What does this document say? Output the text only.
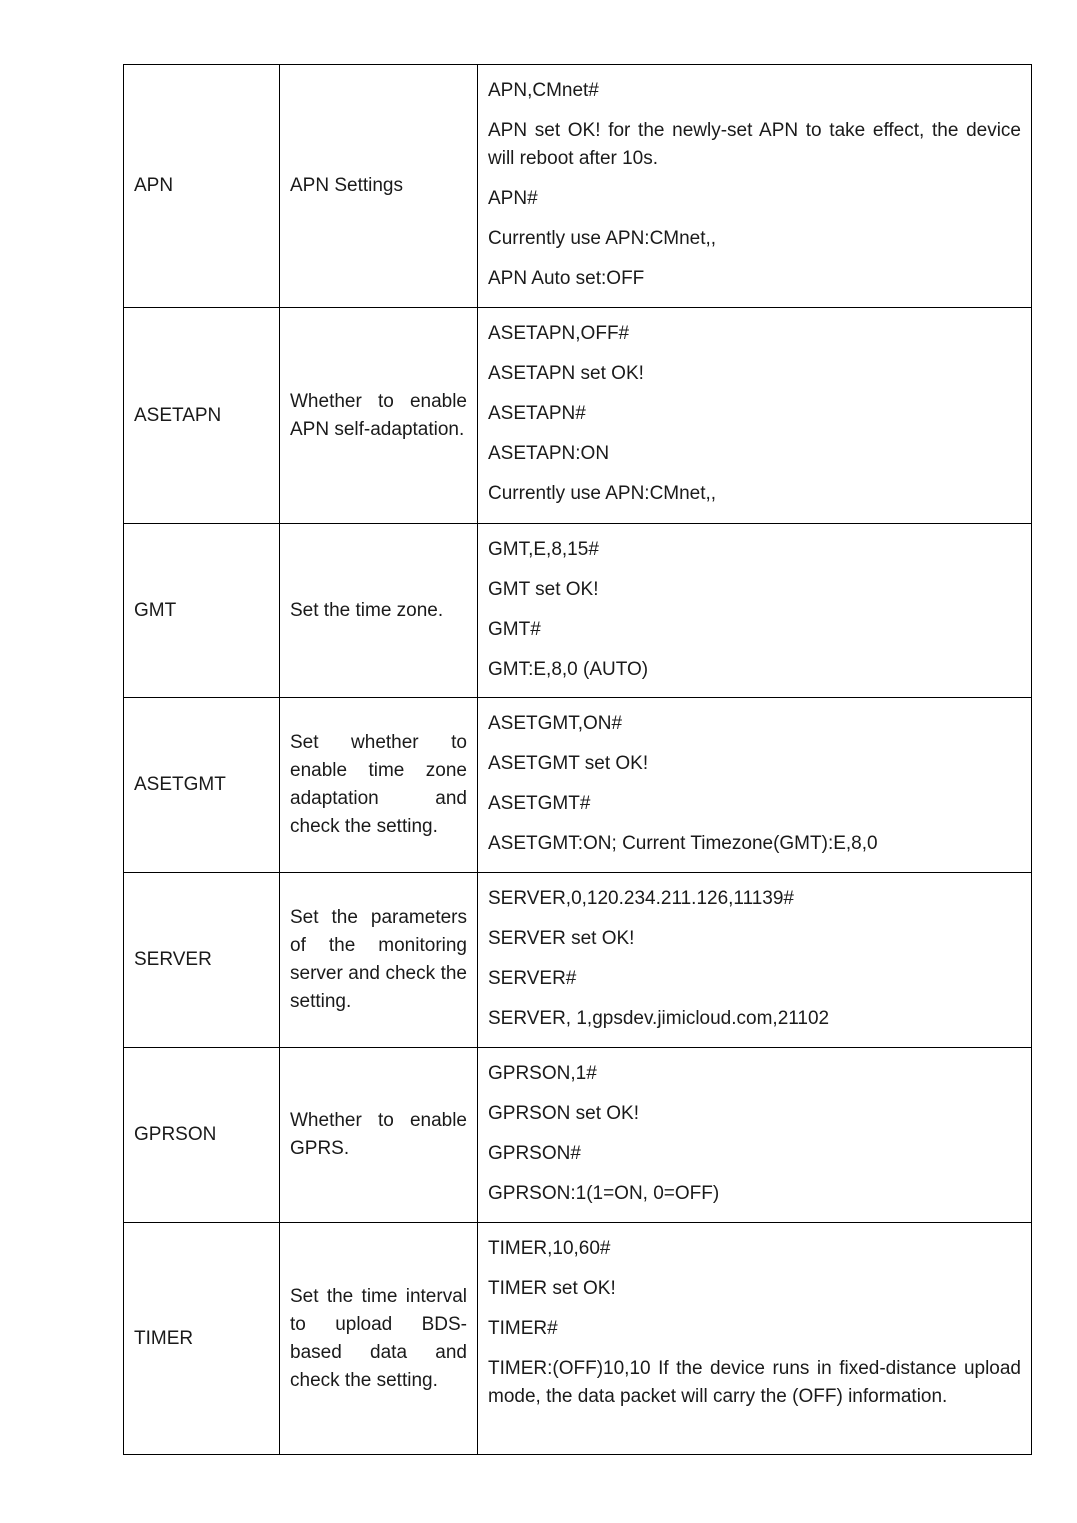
APN	APN Settings	APN,CMnet#

APN set OK! for the newly-set APN to take effect, the device will reboot after 10s.

APN#

Currently use APN:CMnet,,

APN Auto set:OFF

ASETAPN	Whether to enable APN self-adaptation.	ASETAPN,OFF#

ASETAPN set OK!

ASETAPN#

ASETAPN:ON

Currently use APN:CMnet,,

GMT	Set the time zone.	GMT,E,8,15#

GMT set OK!

GMT#

GMT:E,8,0 (AUTO)

ASETGMT	Set whether to enable time zone adaptation and check the setting.	ASETGMT,ON#

ASETGMT set OK!

ASETGMT#

ASETGMT:ON; Current Timezone(GMT):E,8,0

SERVER	Set the parameters of the monitoring server and check the setting.	SERVER,0,120.234.211.126,11139#

SERVER set OK!

SERVER#

SERVER, 1,gpsdev.jimicloud.com,21102

GPRSON	Whether to enable GPRS.	GPRSON,1#

GPRSON set OK!

GPRSON#

GPRSON:1(1=ON, 0=OFF)

TIMER	Set the time interval to upload BDS-based data and check the setting.	TIMER,10,60#

TIMER set OK!

TIMER#

TIMER:(OFF)10,10 If the device runs in fixed-distance upload mode, the data packet will carry the (OFF) information.
